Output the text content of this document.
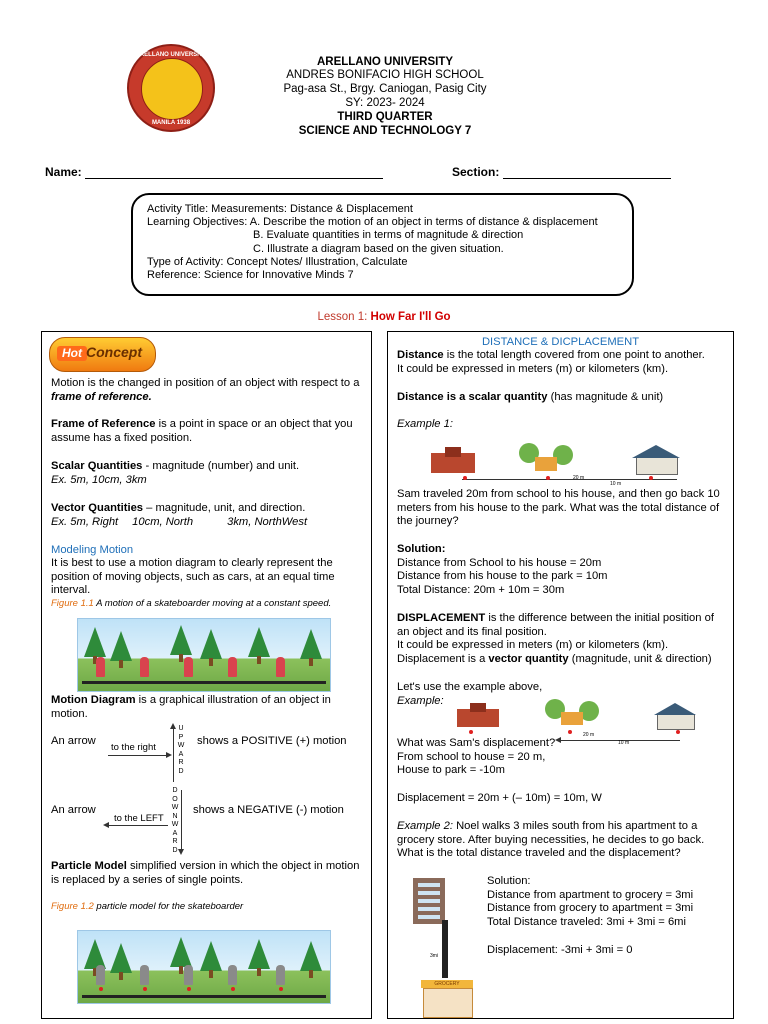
ARELLANO UNIVERSITY
MANILA 1938
ARELLANO UNIVERSITY
ANDRES BONIFACIO HIGH SCHOOL
Pag-asa St., Brgy. Caniogan, Pasig City
SY: 2023- 2024
THIRD QUARTER
SCIENCE AND TECHNOLOGY 7
Name:	Section:
Activity Title: Measurements: Distance & Displacement
Learning Objectives: A. Describe the motion of an object in terms of distance & displacement
B. Evaluate quantities in terms of magnitude & direction
C. Illustrate a diagram based on the given situation.
Type of Activity: Concept Notes/ Illustration, Calculate
Reference: Science for Innovative Minds 7
Lesson 1: How Far I'll Go
Hot Concept
Motion is the changed in position of an object with respect to a
frame of reference.
Frame of Reference is a point in space or an object that you
assume has a fixed position.
Scalar Quantities - magnitude (number) and unit.
Ex. 5m, 10cm, 3km
Vector Quantities – magnitude, unit, and direction.
Ex. 5m, Right 10cm, North	3km, NorthWest
Modeling Motion
It is best to use a motion diagram to clearly represent the
position of moving objects, such as cars, at an equal time
interval.
Figure 1.1 A motion of a skateboarder moving at a constant speed.
Motion Diagram is a graphical illustration of an object in
motion.
An arrow
to the right
U
P
W
A
R
D
shows a POSITIVE (+) motion
An arrow
to the LEFT
D
O
W
N
W
A
R
D
shows a NEGATIVE (-) motion
Particle Model simplified version in which the object in motion
is replaced by a series of single points.
Figure 1.2 particle model for the skateboarder
DISTANCE & DICPLACEMENT
Distance is the total length covered from one point to another.
It could be expressed in meters (m) or kilometers (km).
Distance is a scalar quantity (has magnitude & unit)
Example 1:
20 m
10 m
Sam traveled 20m from school to his house, and then go back 10
meters from his house to the park. What was the total distance of
the journey?
Solution:
Distance from School to his house = 20m
Distance from his house to the park = 10m
Total Distance: 20m + 10m = 30m
DISPLACEMENT is the difference between the initial position of
an object and its final position.
It could be expressed in meters (m) or kilometers (km).
Displacement is a vector quantity (magnitude, unit & direction)
Let's use the example above,
Example:
20 m
10 m
What was Sam's displacement?
From school to house = 20 m,
House to park = -10m
Displacement = 20m + (– 10m) = 10m, W
Example 2: Noel walks 3 miles south from his apartment to a
grocery store. After buying necessities, he decides to go back.
What is the total distance traveled and the displacement?
3mi
GROCERY
Solution:
Distance from apartment to grocery = 3mi
Distance from grocery to apartment = 3mi
Total Distance traveled: 3mi + 3mi = 6mi
Displacement: -3mi + 3mi = 0
